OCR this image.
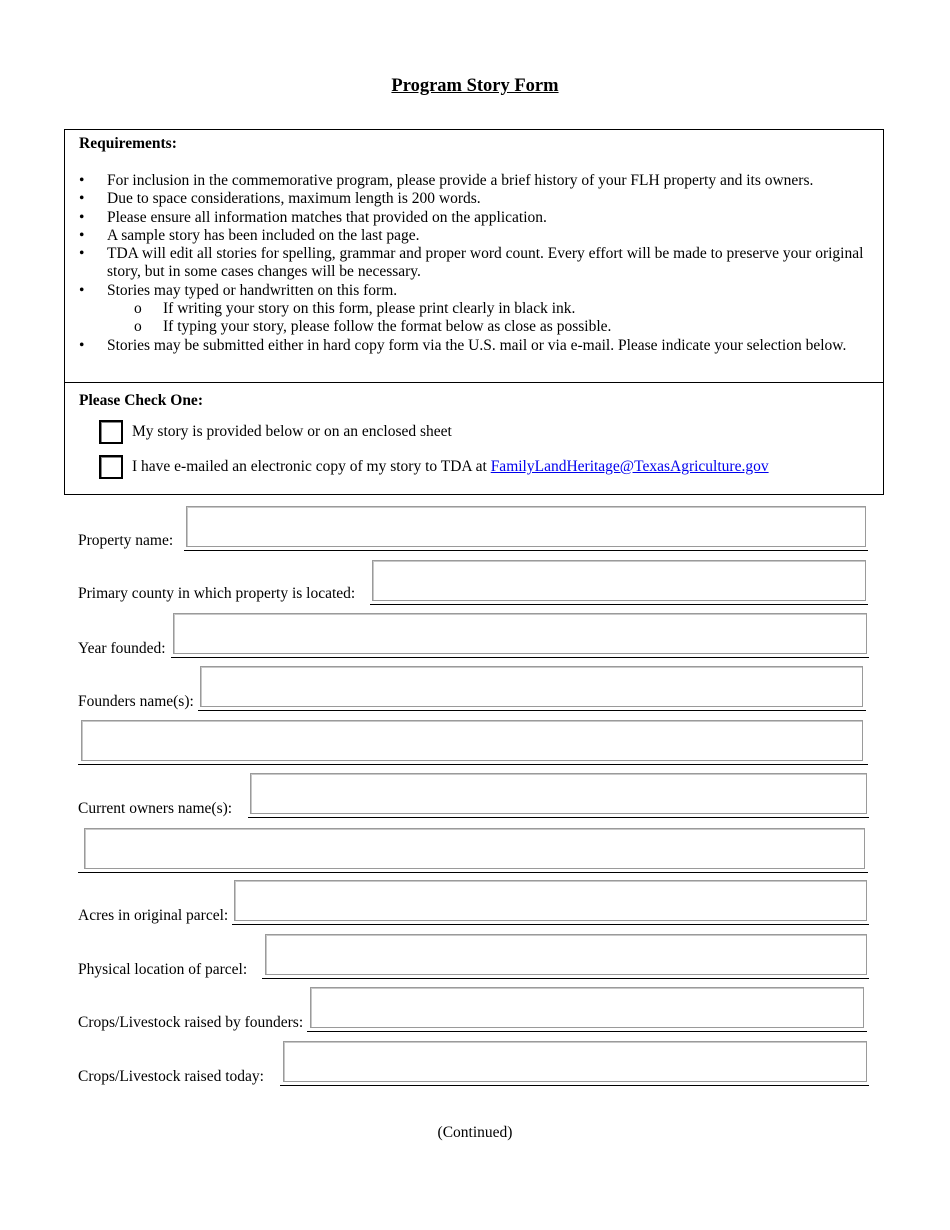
Program Story Form
Requirements:
• For inclusion in the commemorative program, please provide a brief history of your FLH property and its owners.
• Due to space considerations, maximum length is 200 words.
• Please ensure all information matches that provided on the application.
• A sample story has been included on the last page.
• TDA will edit all stories for spelling, grammar and proper word count. Every effort will be made to preserve your original story, but in some cases changes will be necessary.
• Stories may typed or handwritten on this form.
o If writing your story on this form, please print clearly in black ink.
o If typing your story, please follow the format below as close as possible.
• Stories may be submitted either in hard copy form via the U.S. mail or via e-mail. Please indicate your selection below.
Please Check One:
My story is provided below or on an enclosed sheet
I have e-mailed an electronic copy of my story to TDA at FamilyLandHeritage@TexasAgriculture.gov
Property name:
Primary county in which property is located:
Year founded:
Founders name(s):
Current owners name(s):
Acres in original parcel:
Physical location of parcel:
Crops/Livestock raised by founders:
Crops/Livestock raised today:
(Continued)
